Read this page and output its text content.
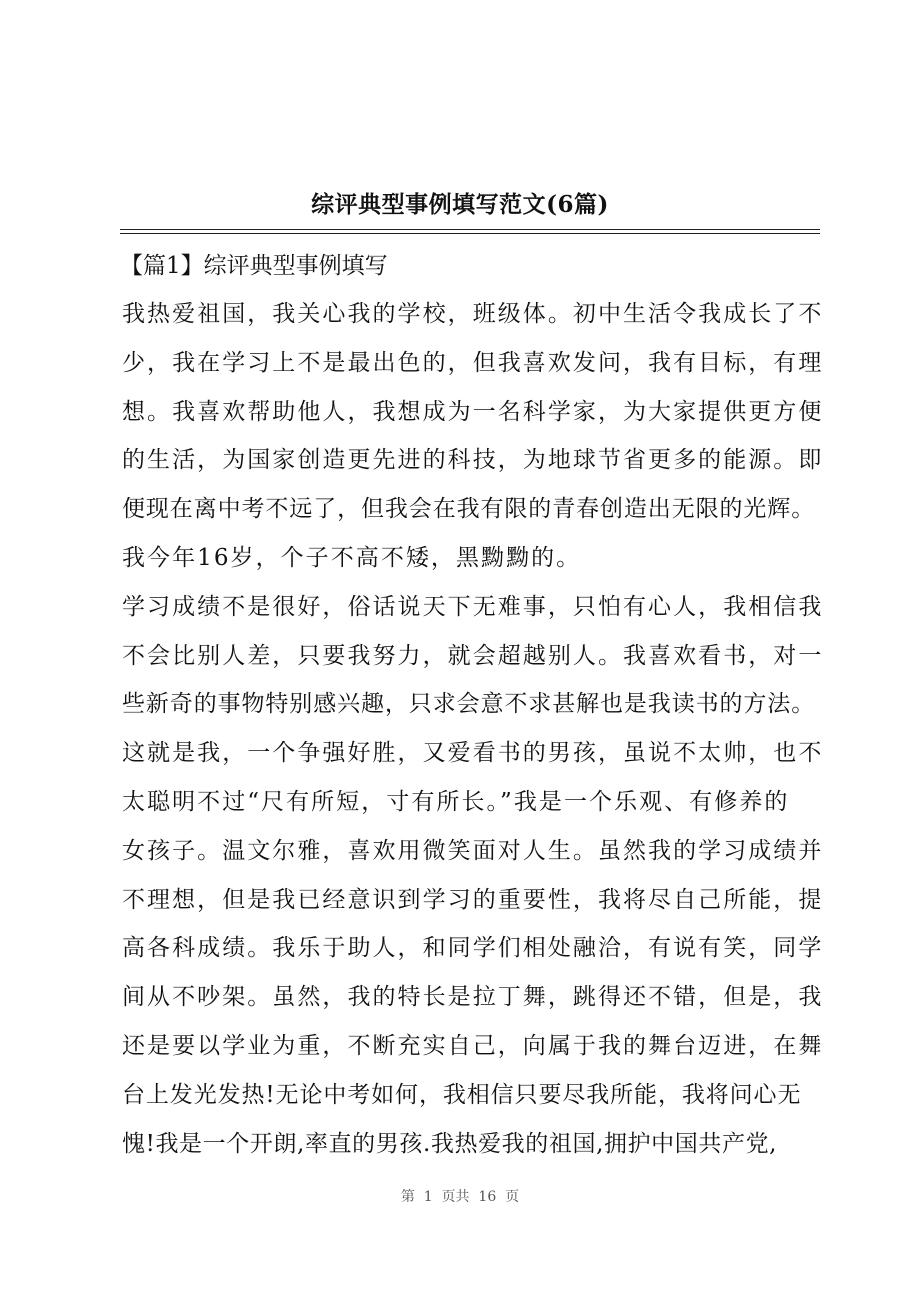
综评典型事例填写范文(6篇)
【篇1】综评典型事例填写
我热爱祖国，我关心我的学校，班级体。初中生活令我成长了不
少，我在学习上不是最出色的，但我喜欢发问，我有目标，有理
想。我喜欢帮助他人，我想成为一名科学家，为大家提供更方便
的生活，为国家创造更先进的科技，为地球节省更多的能源。即
便现在离中考不远了，但我会在我有限的青春创造出无限的光辉。
我今年16岁，个子不高不矮，黑黝黝的。
学习成绩不是很好，俗话说天下无难事，只怕有心人，我相信我
不会比别人差，只要我努力，就会超越别人。我喜欢看书，对一
些新奇的事物特别感兴趣，只求会意不求甚解也是我读书的方法。
这就是我，一个争强好胜，又爱看书的男孩，虽说不太帅，也不
太聪明不过“尺有所短，寸有所长。”我是一个乐观、有修养的
女孩子。温文尔雅，喜欢用微笑面对人生。虽然我的学习成绩并
不理想，但是我已经意识到学习的重要性，我将尽自己所能，提
高各科成绩。我乐于助人，和同学们相处融洽，有说有笑，同学
间从不吵架。虽然，我的特长是拉丁舞，跳得还不错，但是，我
还是要以学业为重，不断充实自己，向属于我的舞台迈进，在舞
台上发光发热!无论中考如何，我相信只要尽我所能，我将问心无
愧!我是一个开朗,率直的男孩.我热爱我的祖国,拥护中国共产党,
第  1  页共  16  页
